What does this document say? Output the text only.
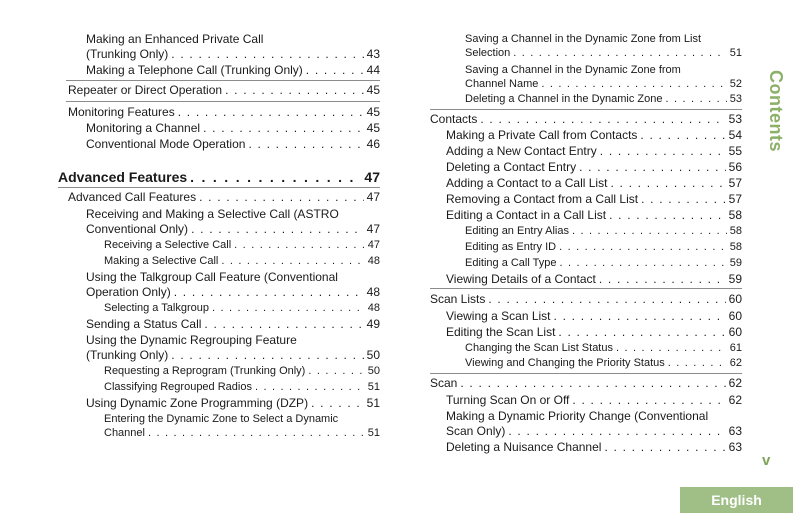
Making an Enhanced Private Call
(Trunking Only) . . .	43
Making a Telephone Call (Trunking Only) . . .	44
Repeater or Direct Operation . . .	45
Monitoring Features . . .	45
Monitoring a Channel . . .	45
Conventional Mode Operation . . .	46
Advanced Features . . .	47
Advanced Call Features . . .	47
Receiving and Making a Selective Call (ASTRO
Conventional Only) . . .	47
Receiving a Selective Call . . .	47
Making a Selective Call . . .	48
Using the Talkgroup Call Feature (Conventional
Operation Only) . . .	48
Selecting a Talkgroup . . .	48
Sending a Status Call . . .	49
Using the Dynamic Regrouping Feature
(Trunking Only) . . .	50
Requesting a Reprogram (Trunking Only) . . .	50
Classifying Regrouped Radios . . .	51
Using Dynamic Zone Programming (DZP) . . .	51
Entering the Dynamic Zone to Select a Dynamic
Channel . . .	51
Saving a Channel in the Dynamic Zone from List
Selection . . .	51
Saving a Channel in the Dynamic Zone from
Channel Name . . .	52
Deleting a Channel in the Dynamic Zone . . .	53
Contacts . . .	53
Making a Private Call from Contacts . . .	54
Adding a New Contact Entry . . .	55
Deleting a Contact Entry . . .	56
Adding a Contact to a Call List . . .	57
Removing a Contact from a Call List . . .	57
Editing a Contact in a Call List . . .	58
Editing an Entry Alias . . .	58
Editing as Entry ID . . .	58
Editing a Call Type . . .	59
Viewing Details of a Contact . . .	59
Scan Lists . . .	60
Viewing a Scan List . . .	60
Editing the Scan List . . .	60
Changing the Scan List Status . . .	61
Viewing and Changing the Priority Status . . .	62
Scan . . .	62
Turning Scan On or Off . . .	62
Making a Dynamic Priority Change (Conventional
Scan Only) . . .	63
Deleting a Nuisance Channel . . .	63
Contents
v
English
